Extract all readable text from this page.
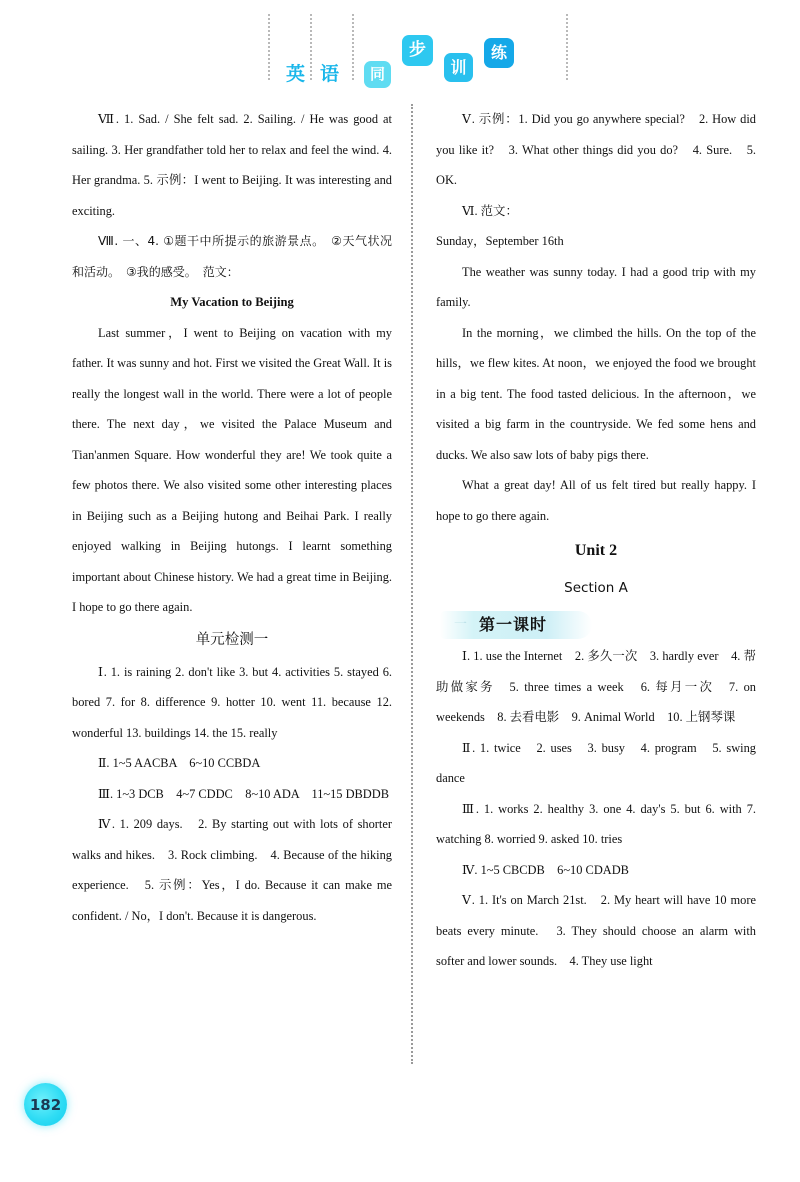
英 语	同
步
训
练

Ⅶ. 1. Sad. / She felt sad. 2. Sailing. / He was good at sailing. 3. Her grandfather told her to relax and feel the wind. 4. Her grandma. 5. 示例：I went to Beijing. It was interesting and exciting.

Ⅷ. 一、4. ①题干中所提示的旅游景点。　②天气状况和活动。　③我的感受。　范文：

My Vacation to Beijing

Last summer，I went to Beijing on vacation with my father. It was sunny and hot. First we visited the Great Wall. It is really the longest wall in the world. There were a lot of people there. The next day，we visited the Palace Museum and Tian'anmen Square. How wonderful they are! We took quite a few photos there. We also visited some other interesting places in Beijing such as a Beijing hutong and Beihai Park. I really enjoyed walking in Beijing hutongs. I learnt something important about Chinese history. We had a great time in Beijing. I hope to go there again.

单元检测一

Ⅰ. 1. is raining 2. don't like 3. but 4. activities 5. stayed 6. bored 7. for 8. difference 9. hotter 10. went 11. because 12. wonderful 13. buildings 14. the 15. really

Ⅱ. 1~5 AACBA　6~10 CCBDA

Ⅲ. 1~3 DCB　4~7 CDDC　8~10 ADA　11~15 DBDDB

Ⅳ. 1. 209 days.　2. By starting out with lots of shorter walks and hikes.　3. Rock climbing.　4. Because of the hiking experience.　5. 示例：Yes，I do. Because it can make me confident. / No，I don't. Because it is dangerous.

Ⅴ. 示例：1. Did you go anywhere special?　2. How did you like it?　3. What other things did you do?　4. Sure.　5. OK.

Ⅵ. 范文：

Sunday，September 16th

The weather was sunny today. I had a good trip with my family.

In the morning，we climbed the hills. On the top of the hills，we flew kites. At noon，we enjoyed the food we brought in a big tent. The food tasted delicious. In the afternoon，we visited a big farm in the countryside. We fed some hens and ducks. We also saw lots of baby pigs there.

What a great day! All of us felt tired but really happy. I hope to go there again.

Unit 2

Section A

一 第一课时

Ⅰ. 1. use the Internet　2. 多久一次　3. hardly ever　4. 帮助做家务　5. three times a week　6. 每月一次　7. on weekends　8. 去看电影　9. Animal World　10. 上钢琴课

Ⅱ. 1. twice　2. uses　3. busy　4. program　5. swing dance

Ⅲ. 1. works 2. healthy 3. one 4. day's 5. but 6. with 7. watching 8. worried 9. asked 10. tries

Ⅳ. 1~5 CBCDB　6~10 CDADB

Ⅴ. 1. It's on March 21st.　2. My heart will have 10 more beats every minute.　3. They should choose an alarm with softer and lower sounds.　4. They use light

182
